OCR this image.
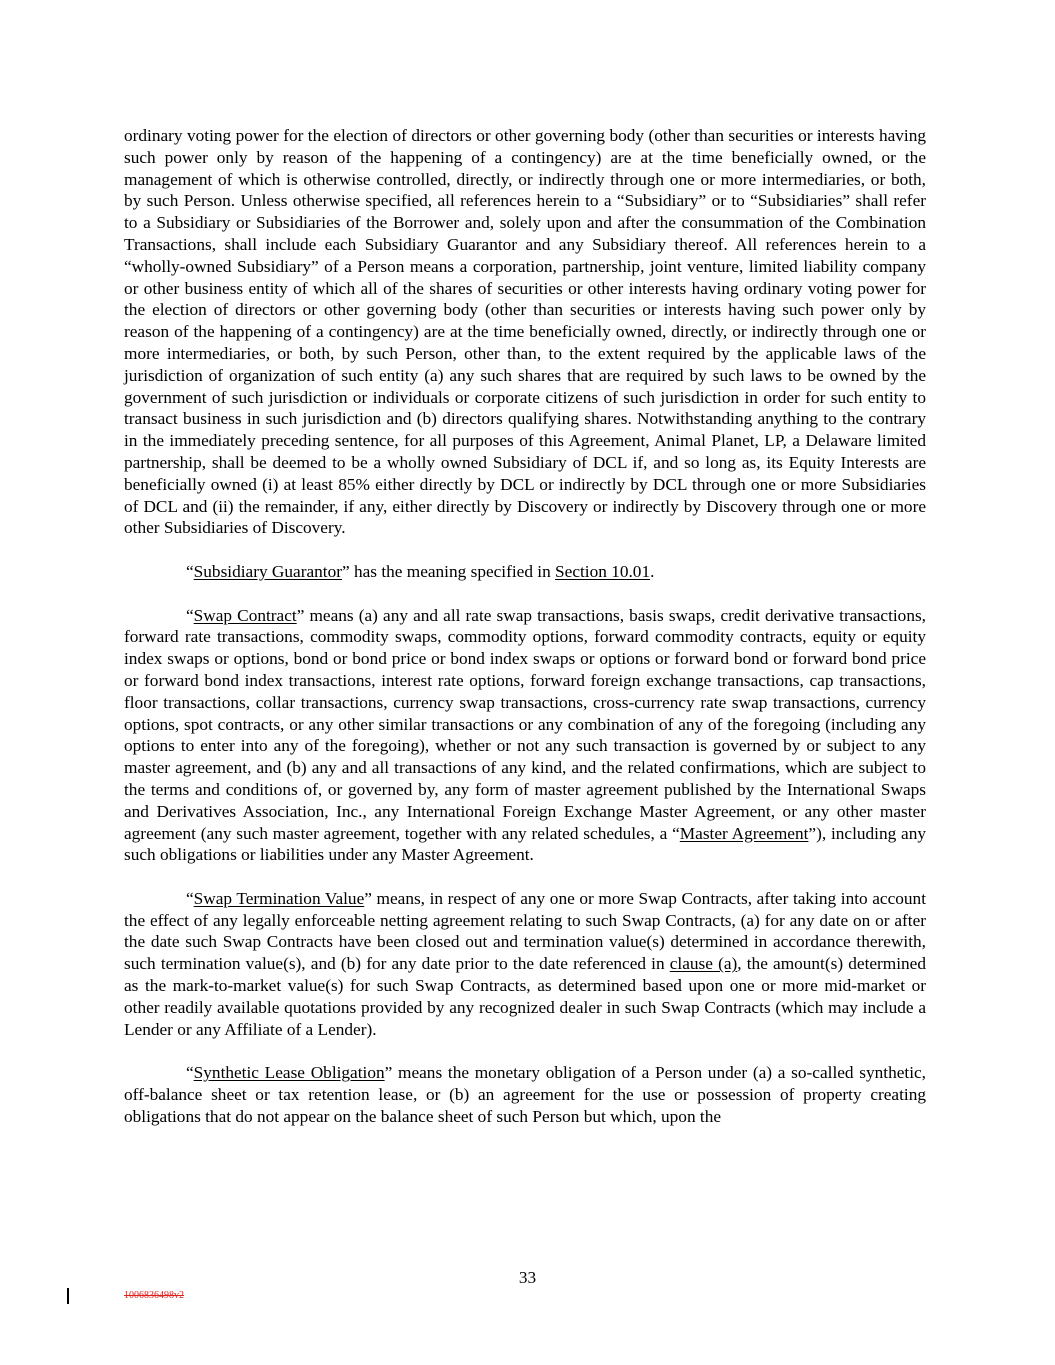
ordinary voting power for the election of directors or other governing body (other than securities or interests having such power only by reason of the happening of a contingency) are at the time beneficially owned, or the management of which is otherwise controlled, directly, or indirectly through one or more intermediaries, or both, by such Person. Unless otherwise specified, all references herein to a “Subsidiary” or to “Subsidiaries” shall refer to a Subsidiary or Subsidiaries of the Borrower and, solely upon and after the consummation of the Combination Transactions, shall include each Subsidiary Guarantor and any Subsidiary thereof. All references herein to a “wholly-owned Subsidiary” of a Person means a corporation, partnership, joint venture, limited liability company or other business entity of which all of the shares of securities or other interests having ordinary voting power for the election of directors or other governing body (other than securities or interests having such power only by reason of the happening of a contingency) are at the time beneficially owned, directly, or indirectly through one or more intermediaries, or both, by such Person, other than, to the extent required by the applicable laws of the jurisdiction of organization of such entity (a) any such shares that are required by such laws to be owned by the government of such jurisdiction or individuals or corporate citizens of such jurisdiction in order for such entity to transact business in such jurisdiction and (b) directors qualifying shares. Notwithstanding anything to the contrary in the immediately preceding sentence, for all purposes of this Agreement, Animal Planet, LP, a Delaware limited partnership, shall be deemed to be a wholly owned Subsidiary of DCL if, and so long as, its Equity Interests are beneficially owned (i) at least 85% either directly by DCL or indirectly by DCL through one or more Subsidiaries of DCL and (ii) the remainder, if any, either directly by Discovery or indirectly by Discovery through one or more other Subsidiaries of Discovery.

“Subsidiary Guarantor” has the meaning specified in Section 10.01.

“Swap Contract” means (a) any and all rate swap transactions, basis swaps, credit derivative transactions, forward rate transactions, commodity swaps, commodity options, forward commodity contracts, equity or equity index swaps or options, bond or bond price or bond index swaps or options or forward bond or forward bond price or forward bond index transactions, interest rate options, forward foreign exchange transactions, cap transactions, floor transactions, collar transactions, currency swap transactions, cross-currency rate swap transactions, currency options, spot contracts, or any other similar transactions or any combination of any of the foregoing (including any options to enter into any of the foregoing), whether or not any such transaction is governed by or subject to any master agreement, and (b) any and all transactions of any kind, and the related confirmations, which are subject to the terms and conditions of, or governed by, any form of master agreement published by the International Swaps and Derivatives Association, Inc., any International Foreign Exchange Master Agreement, or any other master agreement (any such master agreement, together with any related schedules, a “Master Agreement”), including any such obligations or liabilities under any Master Agreement.

“Swap Termination Value” means, in respect of any one or more Swap Contracts, after taking into account the effect of any legally enforceable netting agreement relating to such Swap Contracts, (a) for any date on or after the date such Swap Contracts have been closed out and termination value(s) determined in accordance therewith, such termination value(s), and (b) for any date prior to the date referenced in clause (a), the amount(s) determined as the mark-to-market value(s) for such Swap Contracts, as determined based upon one or more mid-market or other readily available quotations provided by any recognized dealer in such Swap Contracts (which may include a Lender or any Affiliate of a Lender).

“Synthetic Lease Obligation” means the monetary obligation of a Person under (a) a so-called synthetic, off-balance sheet or tax retention lease, or (b) an agreement for the use or possession of property creating obligations that do not appear on the balance sheet of such Person but which, upon the

33
1006836498v2
